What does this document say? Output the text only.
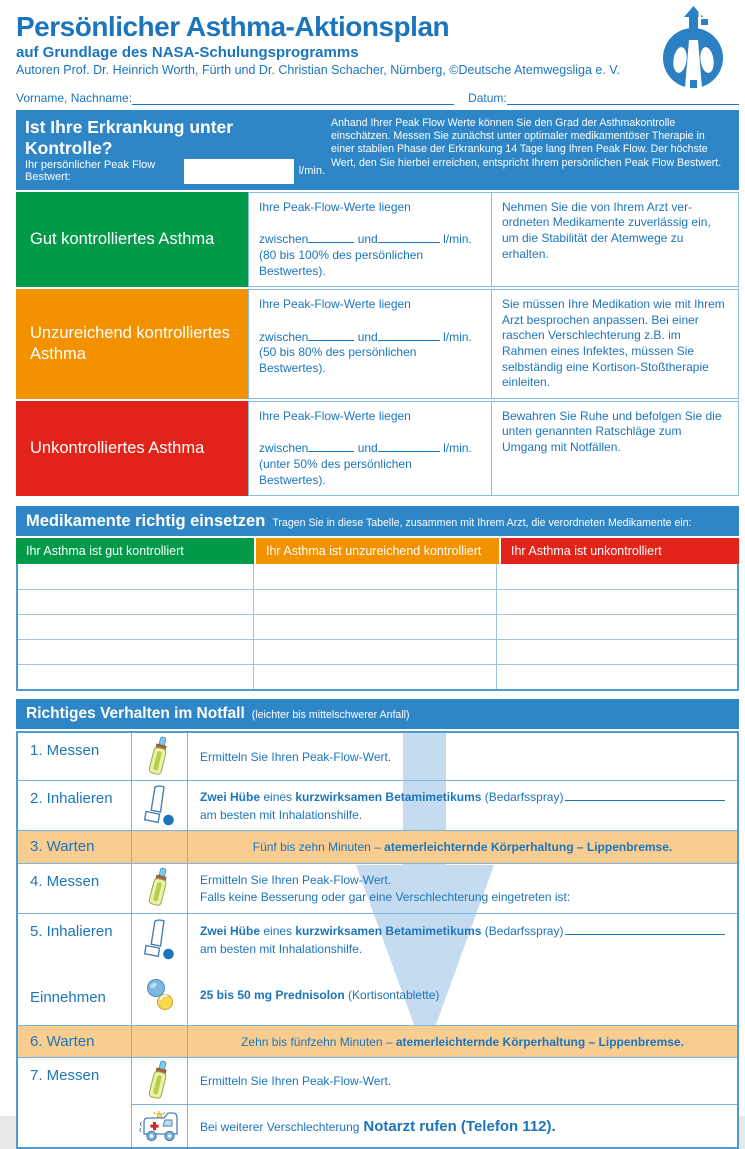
Persönlicher Asthma-Aktionsplan
auf Grundlage des NASA-Schulungsprogramms
Autoren Prof. Dr. Heinrich Worth, Fürth und Dr. Christian Schacher, Nürnberg, ©Deutsche Atemwegsliga e. V.
Vorname, Nachname:	Datum:
Ist Ihre Erkrankung unter Kontrolle?
Ihr persönlicher Peak Flow Bestwert:	l/min.
Anhand Ihrer Peak Flow Werte können Sie den Grad der Asthmakontrolle einschätzen. Messen Sie zunächst unter optimaler medikamentöser Therapie in einer stabilen Phase der Erkrankung 14 Tage lang Ihren Peak Flow. Der höchste Wert, den Sie hierbei erreichen, entspricht Ihrem persönlichen Peak Flow Bestwert.
Gut kontrolliertes Asthma
Ihre Peak-Flow-Werte liegen
zwischen	und	l/min.
(80 bis 100% des persönlichen Bestwertes).
Nehmen Sie die von Ihrem Arzt verordneten Medikamente zuverlässig ein, um die Stabilität der Atemwege zu erhalten.
Unzureichend kontrolliertes Asthma
Ihre Peak-Flow-Werte liegen
zwischen	und	l/min.
(50 bis 80% des persönlichen Bestwertes).
Sie müssen Ihre Medikation wie mit Ihrem Arzt besprochen anpassen. Bei einer raschen Verschlechterung z.B. im Rahmen eines Infektes, müssen Sie selbständig eine Kortison-Stoßtherapie einleiten.
Unkontrolliertes Asthma
Ihre Peak-Flow-Werte liegen
zwischen	und	l/min.
(unter 50% des persönlichen Bestwertes).
Bewahren Sie Ruhe und befolgen Sie die unten genannten Ratschläge zum Umgang mit Notfällen.
Medikamente richtig einsetzen Tragen Sie in diese Tabelle, zusammen mit Ihrem Arzt, die verordneten Medikamente ein:
Ihr Asthma ist gut kontrolliert	Ihr Asthma ist unzureichend kontrolliert	Ihr Asthma ist unkontrolliert
Richtiges Verhalten im Notfall (leichter bis mittelschwerer Anfall)
1. Messen	Ermitteln Sie Ihren Peak-Flow-Wert.
2. Inhalieren	Zwei Hübe eines kurzwirksamen Betamimetikums (Bedarfsspray)
am besten mit Inhalationshilfe.
3. Warten	Fünf bis zehn Minuten – atemerleichternde Körperhaltung – Lippenbremse.
4. Messen	Ermitteln Sie Ihren Peak-Flow-Wert.
Falls keine Besserung oder gar eine Verschlechterung eingetreten ist:
5. Inhalieren	Zwei Hübe eines kurzwirksamen Betamimetikums (Bedarfsspray)
am besten mit Inhalationshilfe.
Einnehmen	25 bis 50 mg Prednisolon (Kortisontablette)
6. Warten	Zehn bis fünfzehn Minuten – atemerleichternde Körperhaltung – Lippenbremse.
7. Messen	Ermitteln Sie Ihren Peak-Flow-Wert.
Bei weiterer Verschlechterung Notarzt rufen (Telefon 112).
